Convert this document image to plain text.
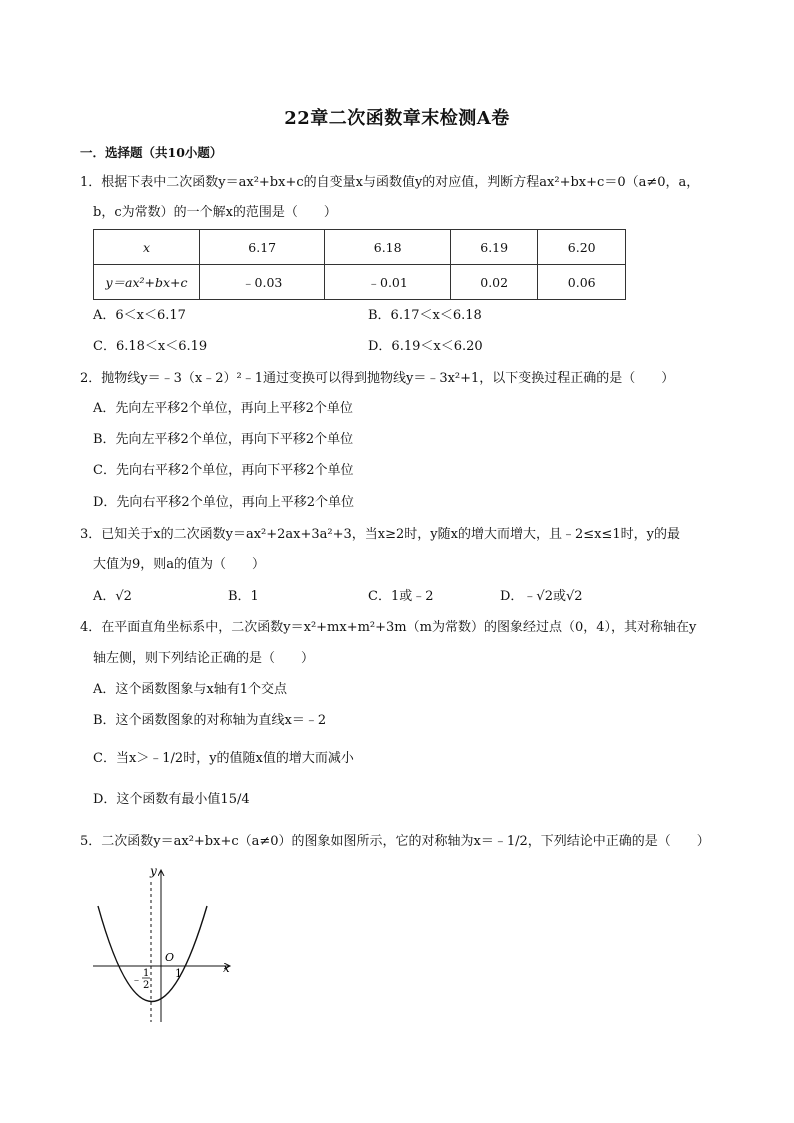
22章二次函数章末检测A卷
一．选择题（共10小题）
1．根据下表中二次函数y＝ax²+bx+c的自变量x与函数值y的对应值，判断方程ax²+bx+c＝0（a≠0，a，
b，c为常数）的一个解x的范围是（　　）
x	6.17	6.18	6.19	6.20
y＝ax²+bx+c	﹣0.03	﹣0.01	0.02	0.06
A．6＜x＜6.17	B．6.17＜x＜6.18
C．6.18＜x＜6.19	D．6.19＜x＜6.20
2．抛物线y＝﹣3（x﹣2）²﹣1通过变换可以得到抛物线y＝﹣3x²+1，以下变换过程正确的是（　　）
A．先向左平移2个单位，再向上平移2个单位
B．先向左平移2个单位，再向下平移2个单位
C．先向右平移2个单位，再向下平移2个单位
D．先向右平移2个单位，再向上平移2个单位
3．已知关于x的二次函数y＝ax²+2ax+3a²+3，当x≥2时，y随x的增大而增大，且﹣2≤x≤1时，y的最
大值为9，则a的值为（　　）
A．√2	B．1	C．1或﹣2	D．﹣√2或√2
4．在平面直角坐标系中，二次函数y＝x²+mx+m²+3m（m为常数）的图象经过点（0，4），其对称轴在y
轴左侧，则下列结论正确的是（　　）
A．这个函数图象与x轴有1个交点
B．这个函数图象的对称轴为直线x＝﹣2
C．当x＞﹣1/2时，y的值随x值的增大而减小
D．这个函数有最小值15/4
5．二次函数y＝ax²+bx+c（a≠0）的图象如图所示，它的对称轴为x＝﹣1/2，下列结论中正确的是（　　）
y
x
O
1
﹣ 1
2
